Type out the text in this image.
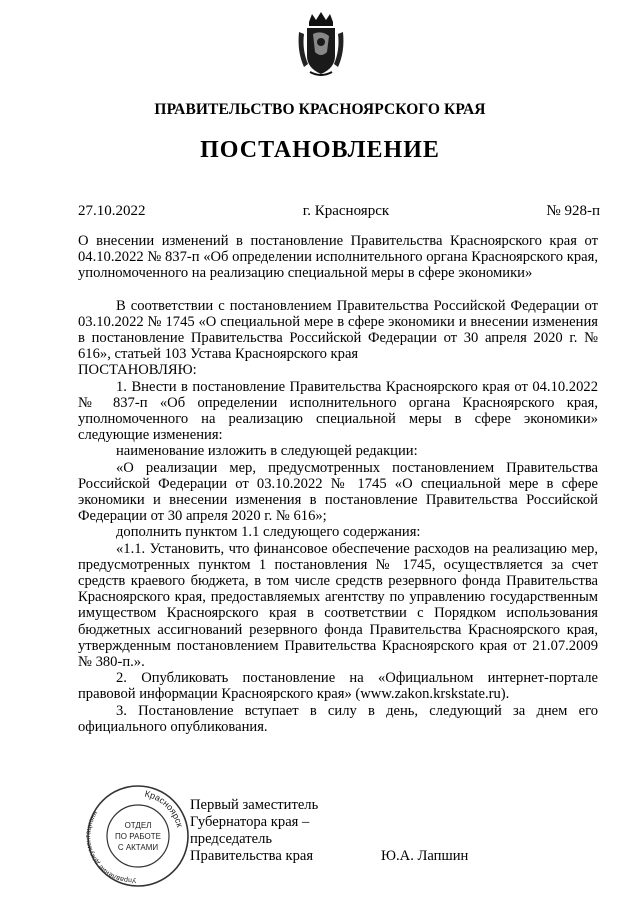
ПРАВИТЕЛЬСТВО КРАСНОЯРСКОГО КРАЯ
ПОСТАНОВЛЕНИЕ
27.10.2022	г. Красноярск	№ 928-п

О внесении изменений в постановление Правительства Красноярского края от 04.10.2022 № 837-п «Об определении исполнительного органа Красноярского края, уполномоченного на реализацию специальной меры в сфере экономики»

В соответствии с постановлением Правительства Российской Федерации от 03.10.2022 № 1745 «О специальной мере в сфере экономики и внесении изменения в постановление Правительства Российской Федерации от 30 апреля 2020 г. № 616», статьей 103 Устава Красноярского края

ПОСТАНОВЛЯЮ:

1. Внести в постановление Правительства Красноярского края от 04.10.2022 № 837-п «Об определении исполнительного органа Красноярского края, уполномоченного на реализацию специальной меры в сфере экономики» следующие изменения:

наименование изложить в следующей редакции:

«О реализации мер, предусмотренных постановлением Правительства Российской Федерации от 03.10.2022 № 1745 «О специальной мере в сфере экономики и внесении изменения в постановление Правительства Российской Федерации от 30 апреля 2020 г. № 616»;

дополнить пунктом 1.1 следующего содержания:

«1.1. Установить, что финансовое обеспечение расходов на реализацию мер, предусмотренных пунктом 1 постановления № 1745, осуществляется за счет средств краевого бюджета, в том числе средств резервного фонда Правительства Красноярского края, предоставляемых агентству по управлению государственным имуществом Красноярского края в соответствии с Порядком использования бюджетных ассигнований резервного фонда Правительства Красноярского края, утвержденным постановлением Правительства Красноярского края от 21.07.2009 № 380-п.».

2. Опубликовать постановление на «Официальном интернет-портале правовой информации Красноярского края» (www.zakon.krskstate.ru).

3. Постановление вступает в силу в день, следующий за днем его официального опубликования.

Красноярск
Управление документационн
ОТДЕЛ
ПО РАБОТЕ
С АКТАМИ
Первый заместитель
Губернатора края –
председатель
Правительства края	Ю.А. Лапшин
